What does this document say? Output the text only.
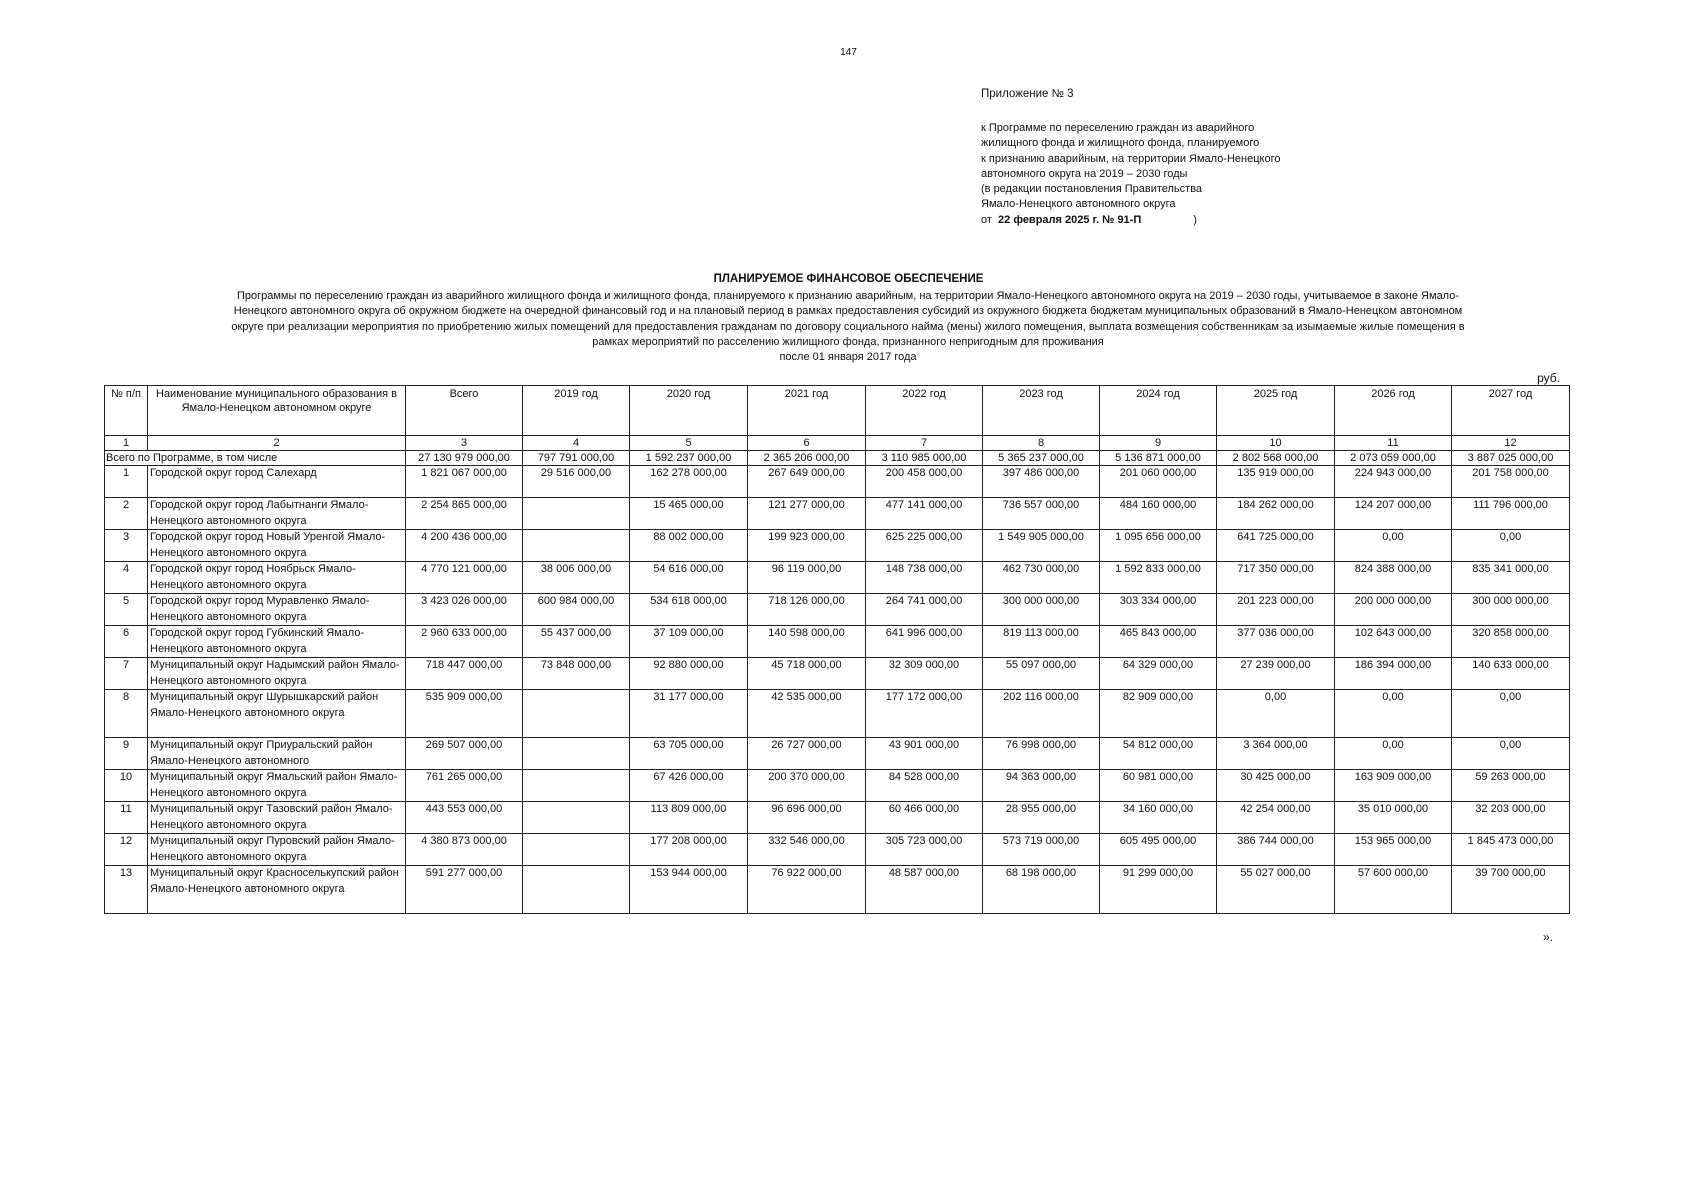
147
Приложение № 3
к Программе по переселению граждан из аварийного
жилищного фонда и жилищного фонда, планируемого
к признанию аварийным, на территории Ямало-Ненецкого
автономного округа на 2019 – 2030 годы
(в редакции постановления Правительства
Ямало-Ненецкого автономного округа
от 22 февраля 2025 г. № 91-П	)
ПЛАНИРУЕМОЕ ФИНАНСОВОЕ ОБЕСПЕЧЕНИЕ
Программы по переселению граждан из аварийного жилищного фонда и жилищного фонда, планируемого к признанию аварийным, на территории Ямало-Ненецкого автономного округа на 2019 – 2030 годы, учитываемое в законе Ямало-
Ненецкого автономного округа об окружном бюджете на очередной финансовый год и на плановый период в рамках предоставления субсидий из окружного бюджета бюджетам муниципальных образований в Ямало-Ненецком автономном
округе при реализации мероприятия по приобретению жилых помещений для предоставления гражданам по договору социального найма (мены) жилого помещения, выплата возмещения собственникам за изымаемые жилые помещения в
рамках мероприятий по расселению жилищного фонда, признанного непригодным для проживания
после 01 января 2017 года
руб.
№ п/п	Наименование муниципального образования в Ямало-Ненецком автономном округе	Всего	2019 год	2020 год	2021 год	2022 год	2023 год	2024 год	2025 год	2026 год	2027 год
1	2	3	4	5	6	7	8	9	10	11	12
Всего по Программе, в том числе		27 130 979 000,00	797 791 000,00	1 592 237 000,00	2 365 206 000,00	3 110 985 000,00	5 365 237 000,00	5 136 871 000,00	2 802 568 000,00	2 073 059 000,00	3 887 025 000,00
1	Городской округ город Салехард	1 821 067 000,00	29 516 000,00	162 278 000,00	267 649 000,00	200 458 000,00	397 486 000,00	201 060 000,00	135 919 000,00	224 943 000,00	201 758 000,00
2	Городской округ город Лабытнанги Ямало-Ненецкого автономного округа	2 254 865 000,00		15 465 000,00	121 277 000,00	477 141 000,00	736 557 000,00	484 160 000,00	184 262 000,00	124 207 000,00	111 796 000,00
3	Городской округ город Новый Уренгой Ямало-Ненецкого автономного округа	4 200 436 000,00		88 002 000,00	199 923 000,00	625 225 000,00	1 549 905 000,00	1 095 656 000,00	641 725 000,00	0,00	0,00
4	Городской округ город Ноябрьск Ямало-Ненецкого автономного округа	4 770 121 000,00	38 006 000,00	54 616 000,00	96 119 000,00	148 738 000,00	462 730 000,00	1 592 833 000,00	717 350 000,00	824 388 000,00	835 341 000,00
5	Городской округ город Муравленко Ямало-Ненецкого автономного округа	3 423 026 000,00	600 984 000,00	534 618 000,00	718 126 000,00	264 741 000,00	300 000 000,00	303 334 000,00	201 223 000,00	200 000 000,00	300 000 000,00
6	Городской округ город Губкинский Ямало-Ненецкого автономного округа	2 960 633 000,00	55 437 000,00	37 109 000,00	140 598 000,00	641 996 000,00	819 113 000,00	465 843 000,00	377 036 000,00	102 643 000,00	320 858 000,00
7	Муниципальный округ Надымский район Ямало-Ненецкого автономного округа	718 447 000,00	73 848 000,00	92 880 000,00	45 718 000,00	32 309 000,00	55 097 000,00	64 329 000,00	27 239 000,00	186 394 000,00	140 633 000,00
8	Муниципальный округ Шурышкарский район Ямало-Ненецкого автономного округа	535 909 000,00		31 177 000,00	42 535 000,00	177 172 000,00	202 116 000,00	82 909 000,00	0,00	0,00	0,00
9	Муниципальный округ Приуральский район Ямало-Ненецкого автономного	269 507 000,00		63 705 000,00	26 727 000,00	43 901 000,00	76 998 000,00	54 812 000,00	3 364 000,00	0,00	0,00
10	Муниципальный округ Ямальский район Ямало-Ненецкого автономного округа	761 265 000,00		67 426 000,00	200 370 000,00	84 528 000,00	94 363 000,00	60 981 000,00	30 425 000,00	163 909 000,00	59 263 000,00
11	Муниципальный округ Тазовский район Ямало-Ненецкого автономного округа	443 553 000,00		113 809 000,00	96 696 000,00	60 466 000,00	28 955 000,00	34 160 000,00	42 254 000,00	35 010 000,00	32 203 000,00
12	Муниципальный округ Пуровский район Ямало-Ненецкого автономного округа	4 380 873 000,00		177 208 000,00	332 546 000,00	305 723 000,00	573 719 000,00	605 495 000,00	386 744 000,00	153 965 000,00	1 845 473 000,00
13	Муниципальный округ Красноселькупский район Ямало-Ненецкого автономного округа	591 277 000,00		153 944 000,00	76 922 000,00	48 587 000,00	68 198 000,00	91 299 000,00	55 027 000,00	57 600 000,00	39 700 000,00
».
